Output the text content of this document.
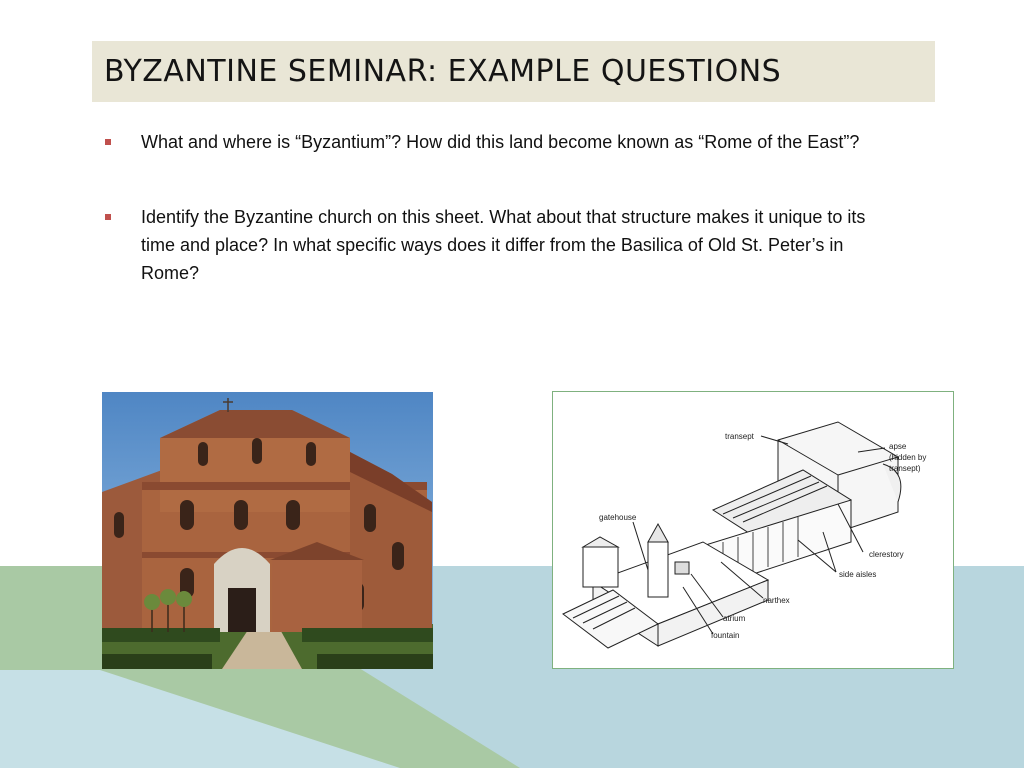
BYZANTINE SEMINAR: EXAMPLE QUESTIONS
What and where is “Byzantium”? How did this land become known as “Rome of the East”?
Identify the Byzantine church on this sheet. What about that structure makes it unique to its time and place? In what specific ways does it differ from the Basilica of Old St. Peter’s in Rome?
transept
apse
(hidden by
transept)
gatehouse
clerestory
side aisles
narthex
atrium
fountain
